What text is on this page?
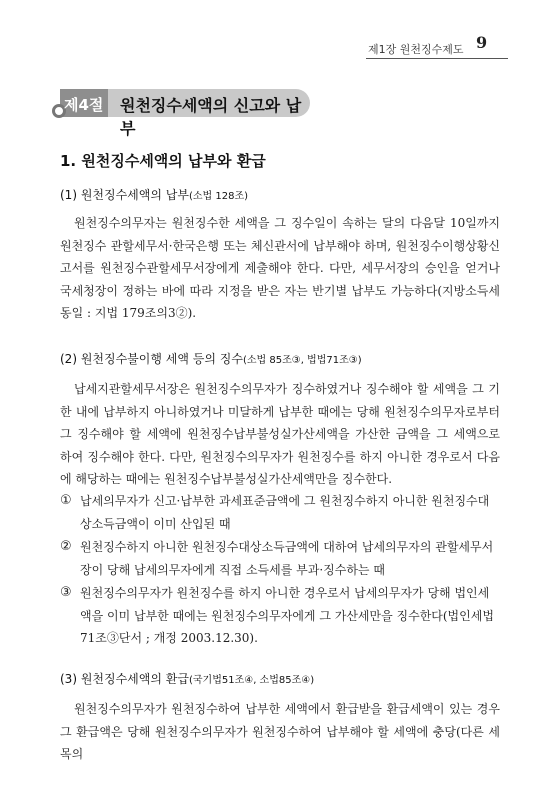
제1장 원천징수제도 9
제4절 원천징수세액의 신고와 납부
1. 원천징수세액의 납부와 환급
(1) 원천징수세액의 납부(소법 128조)

원천징수의무자는 원천징수한 세액을 그 징수일이 속하는 달의 다음달 10일까지 원천징수 관할세무서·한국은행 또는 체신관서에 납부해야 하며, 원천징수이행상황신고서를 원천징수관할세무서장에게 제출해야 한다. 다만, 세무서장의 승인을 얻거나 국세청장이 정하는 바에 따라 지정을 받은 자는 반기별 납부도 가능하다(지방소득세 동일 : 지법 179조의3②).

(2) 원천징수불이행 세액 등의 징수(소법 85조③, 법법71조③)

납세지관할세무서장은 원천징수의무자가 징수하였거나 징수해야 할 세액을 그 기한 내에 납부하지 아니하였거나 미달하게 납부한 때에는 당해 원천징수의무자로부터 그 징수해야 할 세액에 원천징수납부불성실가산세액을 가산한 금액을 그 세액으로 하여 징수해야 한다. 다만, 원천징수의무자가 원천징수를 하지 아니한 경우로서 다음에 해당하는 때에는 원천징수납부불성실가산세액만을 징수한다.

① 납세의무자가 신고·납부한 과세표준금액에 그 원천징수하지 아니한 원천징수대상소득금액이 이미 산입된 때
② 원천징수하지 아니한 원천징수대상소득금액에 대하여 납세의무자의 관할세무서장이 당해 납세의무자에게 직접 소득세를 부과·징수하는 때
③ 원천징수의무자가 원천징수를 하지 아니한 경우로서 납세의무자가 당해 법인세액을 이미 납부한 때에는 원천징수의무자에게 그 가산세만을 징수한다(법인세법71조③단서 ; 개정 2003.12.30).
(3) 원천징수세액의 환급(국기법51조④, 소법85조④)

원천징수의무자가 원천징수하여 납부한 세액에서 환급받을 환급세액이 있는 경우 그 환급액은 당해 원천징수의무자가 원천징수하여 납부해야 할 세액에 충당(다른 세목의
